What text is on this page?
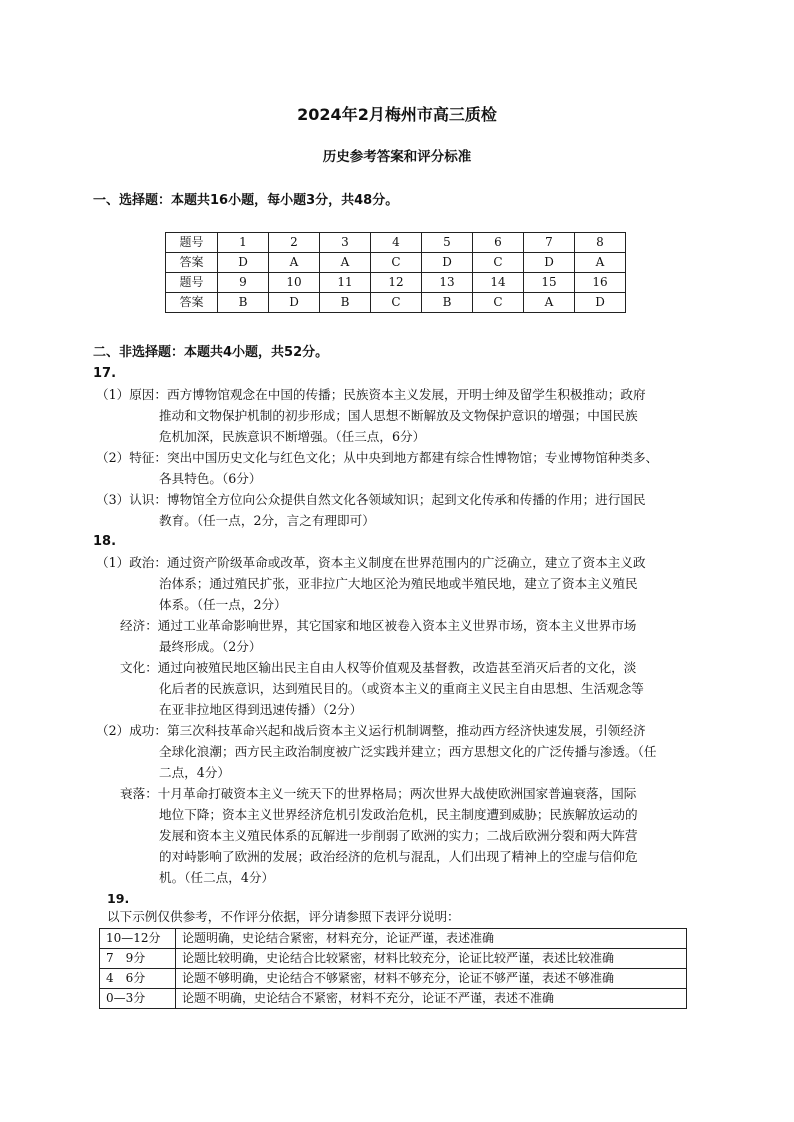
2024年2月梅州市高三质检
历史参考答案和评分标准
一、选择题：本题共16小题，每小题3分，共48分。
题号	1	2	3	4	5	6	7	8
答案	D	A	A	C	D	C	D	A
题号	9	10	11	12	13	14	15	16
答案	B	D	B	C	B	C	A	D
二、非选择题：本题共4小题，共52分。
17.
（1）原因：西方博物馆观念在中国的传播；民族资本主义发展，开明士绅及留学生积极推动；政府
推动和文物保护机制的初步形成；国人思想不断解放及文物保护意识的增强；中国民族
危机加深，民族意识不断增强。（任三点，6分）
（2）特征：突出中国历史文化与红色文化；从中央到地方都建有综合性博物馆；专业博物馆种类多、
各具特色。（6分）
（3）认识：博物馆全方位向公众提供自然文化各领域知识；起到文化传承和传播的作用；进行国民
教育。（任一点，2分，言之有理即可）
18.
（1）政治：通过资产阶级革命或改革，资本主义制度在世界范围内的广泛确立，建立了资本主义政
治体系；通过殖民扩张，亚非拉广大地区沦为殖民地或半殖民地，建立了资本主义殖民
体系。（任一点，2分）
经济：通过工业革命影响世界，其它国家和地区被卷入资本主义世界市场，资本主义世界市场
最终形成。（2分）
文化：通过向被殖民地区输出民主自由人权等价值观及基督教，改造甚至消灭后者的文化，淡
化后者的民族意识，达到殖民目的。（或资本主义的重商主义民主自由思想、生活观念等
在亚非拉地区得到迅速传播）（2分）
（2）成功：第三次科技革命兴起和战后资本主义运行机制调整，推动西方经济快速发展，引领经济
全球化浪潮；西方民主政治制度被广泛实践并建立；西方思想文化的广泛传播与渗透。（任
二点，4分）
衰落：十月革命打破资本主义一统天下的世界格局；两次世界大战使欧洲国家普遍衰落，国际
地位下降；资本主义世界经济危机引发政治危机，民主制度遭到威胁；民族解放运动的
发展和资本主义殖民体系的瓦解进一步削弱了欧洲的实力；二战后欧洲分裂和两大阵营
的对峙影响了欧洲的发展；政治经济的危机与混乱，人们出现了精神上的空虚与信仰危
机。（任二点，4分）
19.
以下示例仅供参考，不作评分依据，评分请参照下表评分说明：
10—12分	论题明确，史论结合紧密，材料充分，论证严谨，表述准确
7　9分	论题比较明确，史论结合比较紧密，材料比较充分，论证比较严谨，表述比较准确
4　6分	论题不够明确，史论结合不够紧密，材料不够充分，论证不够严谨，表述不够准确
0—3分	论题不明确，史论结合不紧密，材料不充分，论证不严谨，表述不准确
